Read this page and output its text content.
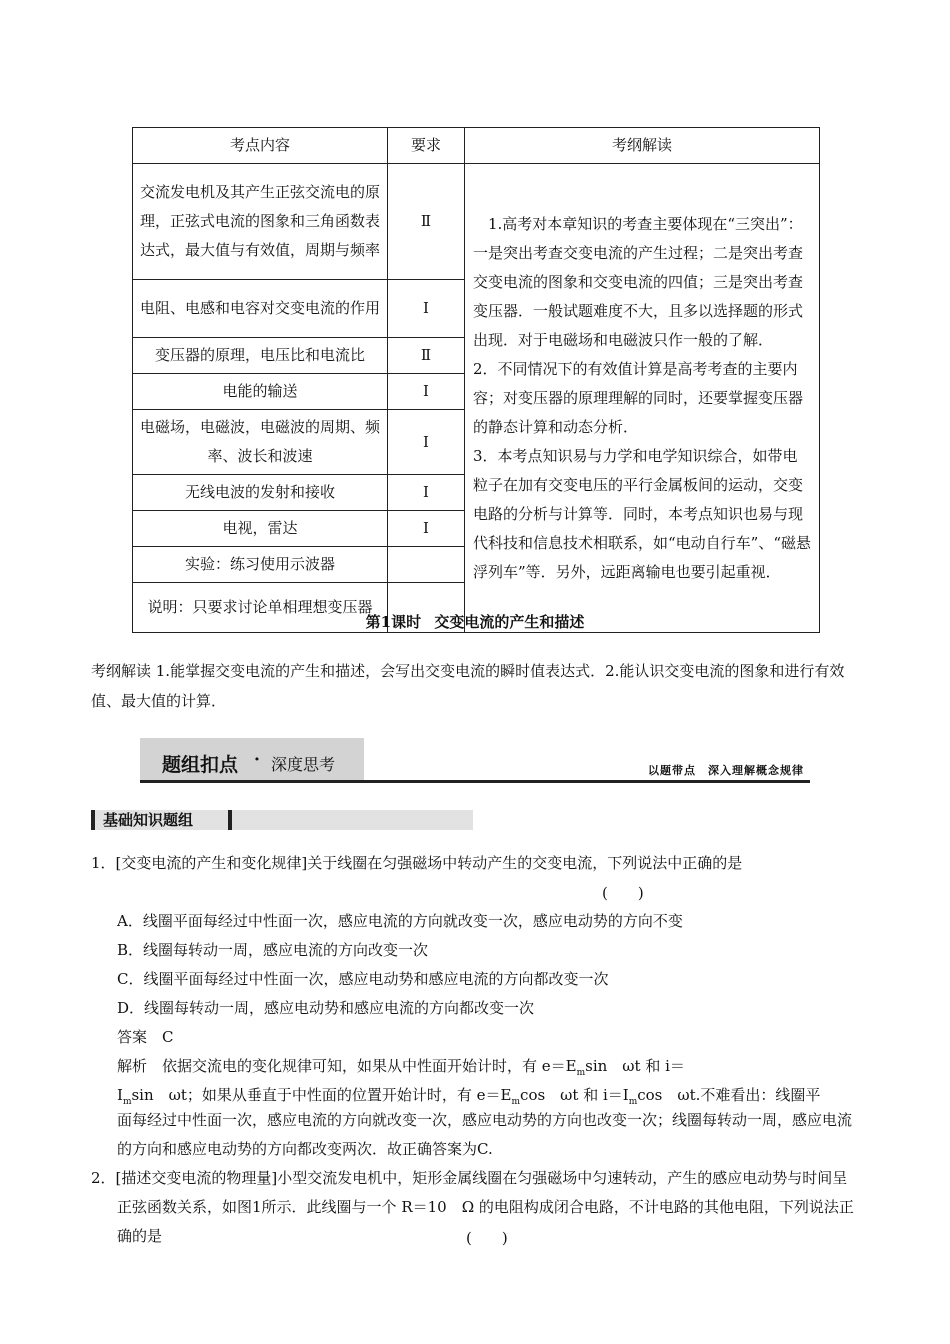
考点内容	要求	考纲解读
交流发电机及其产生正弦交流电的原理，正弦式电流的图象和三角函数表达式，最大值与有效值，周期与频率	Ⅱ	1.高考对本章知识的考查主要体现在“三突出”：一是突出考查交变电流的产生过程；二是突出考查交变电流的图象和交变电流的四值；三是突出考查变压器．一般试题难度不大，且多以选择题的形式出现．对于电磁场和电磁波只作一般的了解．

2．不同情况下的有效值计算是高考考查的主要内容；对变压器的原理理解的同时，还要掌握变压器的静态计算和动态分析．

3．本考点知识易与力学和电学知识综合，如带电粒子在加有交变电压的平行金属板间的运动，交变电路的分析与计算等．同时，本考点知识也易与现代科技和信息技术相联系，如“电动自行车”、“磁悬浮列车”等．另外，远距离输电也要引起重视．

电阻、电感和电容对交变电流的作用	Ⅰ	
变压器的原理，电压比和电流比	Ⅱ	
电能的输送	Ⅰ	
电磁场，电磁波，电磁波的周期、频率、波长和波速	Ⅰ	
无线电波的发射和接收	Ⅰ	
电视，雷达	Ⅰ	
实验：练习使用示波器		
说明：只要求讨论单相理想变压器		
第1课时 交变电流的产生和描述
考纲解读 1.能掌握交变电流的产生和描述，会写出交变电流的瞬时值表达式．2.能认识交变电流的图象和进行有效值、最大值的计算．
题组扣点 · 深度思考	以题带点　深入理解概念规律
基础知识题组
1．[交变电流的产生和变化规律]关于线圈在匀强磁场中转动产生的交变电流，下列说法中正确的是
(　　)
A．线圈平面每经过中性面一次，感应电流的方向就改变一次，感应电动势的方向不变
B．线圈每转动一周，感应电流的方向改变一次
C．线圈平面每经过中性面一次，感应电动势和感应电流的方向都改变一次
D．线圈每转动一周，感应电动势和感应电流的方向都改变一次
答案　C
解析　依据交流电的变化规律可知，如果从中性面开始计时，有 $e=E_m\sin$　ωt 和 i＝
$I_m\sin$　ωt；如果从垂直于中性面的位置开始计时，有 $e=E_m\cos$　ωt 和 $i=I_m\cos$　ωt.不难看出：线圈平
面每经过中性面一次，感应电流的方向就改变一次，感应电动势的方向也改变一次；线圈每转动一周，感应电流的方向和感应电动势的方向都改变两次．故正确答案为C.
2．[描述交变电流的物理量]小型交流发电机中，矩形金属线圈在匀强磁场中匀速转动，产生的感应电动势与时间呈正弦函数关系，如图1所示．此线圈与一个 R＝10　Ω 的电阻构成闭合电路，不计电路的其他电阻，下列说法正确的是	(　　)
